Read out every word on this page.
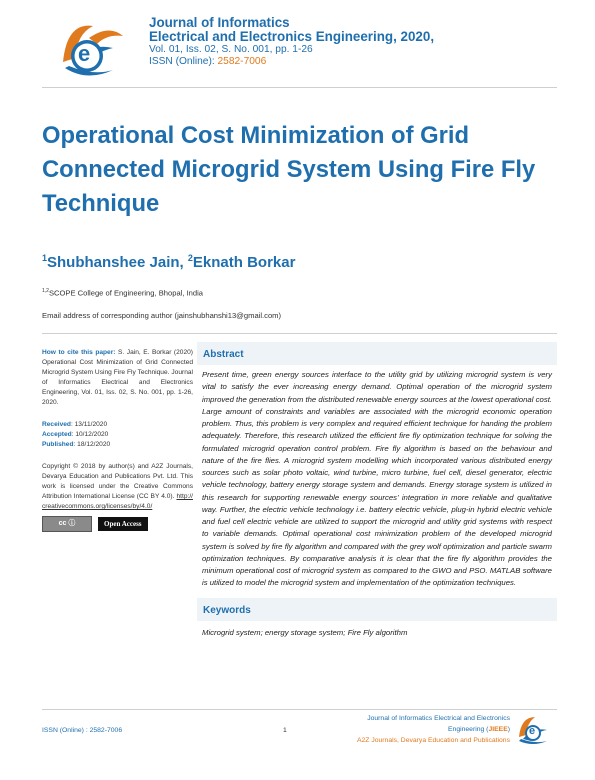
e
Journal of Informatics
Electrical and Electronics Engineering, 2020,
Vol. 01, Iss. 02, S. No. 001, pp. 1-26
ISSN (Online): 2582-7006
Operational Cost Minimization of Grid Connected Microgrid System Using Fire Fly Technique
$^1$Shubhanshee Jain, $^2$Eknath Borkar
$^{1,2}$SCOPE College of Engineering, Bhopal, India
Email address of corresponding author (jainshubhanshi13@gmail.com)
How to cite this paper: S. Jain, E. Borkar (2020) Operational Cost Minimization of Grid Connected Microgrid System Using Fire Fly Technique. Journal of Informatics Electrical and Electronics Engineering, Vol. 01, Iss. 02, S. No. 001, pp. 1-26, 2020.
Received: 13/11/2020
Accepted: 10/12/2020
Published: 18/12/2020
Copyright © 2018 by author(s) and A2Z Journals, Devarya Education and Publications Pvt. Ltd. This work is licensed under the Creative Commons Attribution International License (CC BY 4.0). http://creativecommons.org/licenses/by/4.0/
cc ⓘ	Open Access
Abstract

Present time, green energy sources interface to the utility grid by utilizing microgrid system is very vital to satisfy the ever increasing energy demand. Optimal operation of the microgrid system improved the generation from the distributed renewable energy sources at the lowest operational cost. Large amount of constraints and variables are associated with the microgrid economic operation problem. Thus, this problem is very complex and required efficient technique for handing the problem adequately. Therefore, this research utilized the efficient fire fly optimization technique for solving the formulated microgrid operation control problem. Fire fly algorithm is based on the behaviour and nature of the fire flies. A microgrid system modelling which incorporated various distributed energy sources such as solar photo voltaic, wind turbine, micro turbine, fuel cell, diesel generator, electric vehicle technology, battery energy storage system and demands. Energy storage system is utilized in this research for supporting renewable energy sources’ integration in more reliable and qualitative way. Further, the electric vehicle technology i.e. battery electric vehicle, plug-in hybrid electric vehicle and fuel cell electric vehicle are utilized to support the microgrid and utility grid systems with respect to variable demands. Optimal operational cost minimization problem of the developed microgrid system is solved by fire fly algorithm and compared with the grey wolf optimization and particle swarm optimization techniques. By comparative analysis it is clear that the fire fly algorithm provides the minimum operational cost of microgrid system as compared to the GWO and PSO. MATLAB software is utilized to model the microgrid system and implementation of the optimization techniques.

Keywords

Microgrid system; energy storage system; Fire Fly algorithm

ISSN (Online) : 2582-7006	1
Journal of Informatics Electrical and Electronics
Engineering (JIEEE)
A2Z Journals, Devarya Education and Publications
e
